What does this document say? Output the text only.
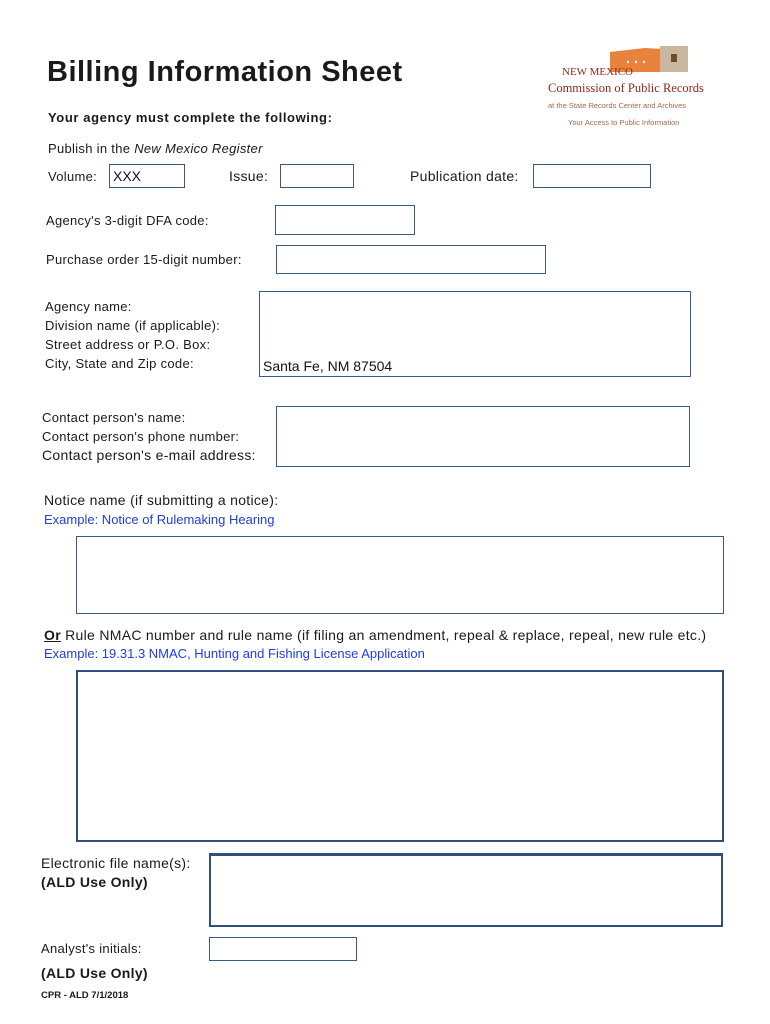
Billing Information Sheet
Your agency must complete the following:
NEW MEXICO
Commission of Public Records
at the State Records Center and Archives
Your Access to Public Information
Publish in the New Mexico Register
Volume: XXX	Issue:	Publication date:
Agency's 3-digit DFA code:
Purchase order 15-digit number:
Agency name:
Division name (if applicable):
Street address or P.O. Box:
City, State and Zip code:	Santa Fe, NM 87504
Contact person's name:
Contact person's phone number:
Contact person's e-mail address:
Notice name (if submitting a notice):
Example: Notice of Rulemaking Hearing
Or Rule NMAC number and rule name (if filing an amendment, repeal & replace, repeal, new rule etc.)
Example: 19.31.3 NMAC, Hunting and Fishing License Application
Electronic file name(s):
(ALD Use Only)
Analyst's initials:
(ALD Use Only)
CPR - ALD 7/1/2018
